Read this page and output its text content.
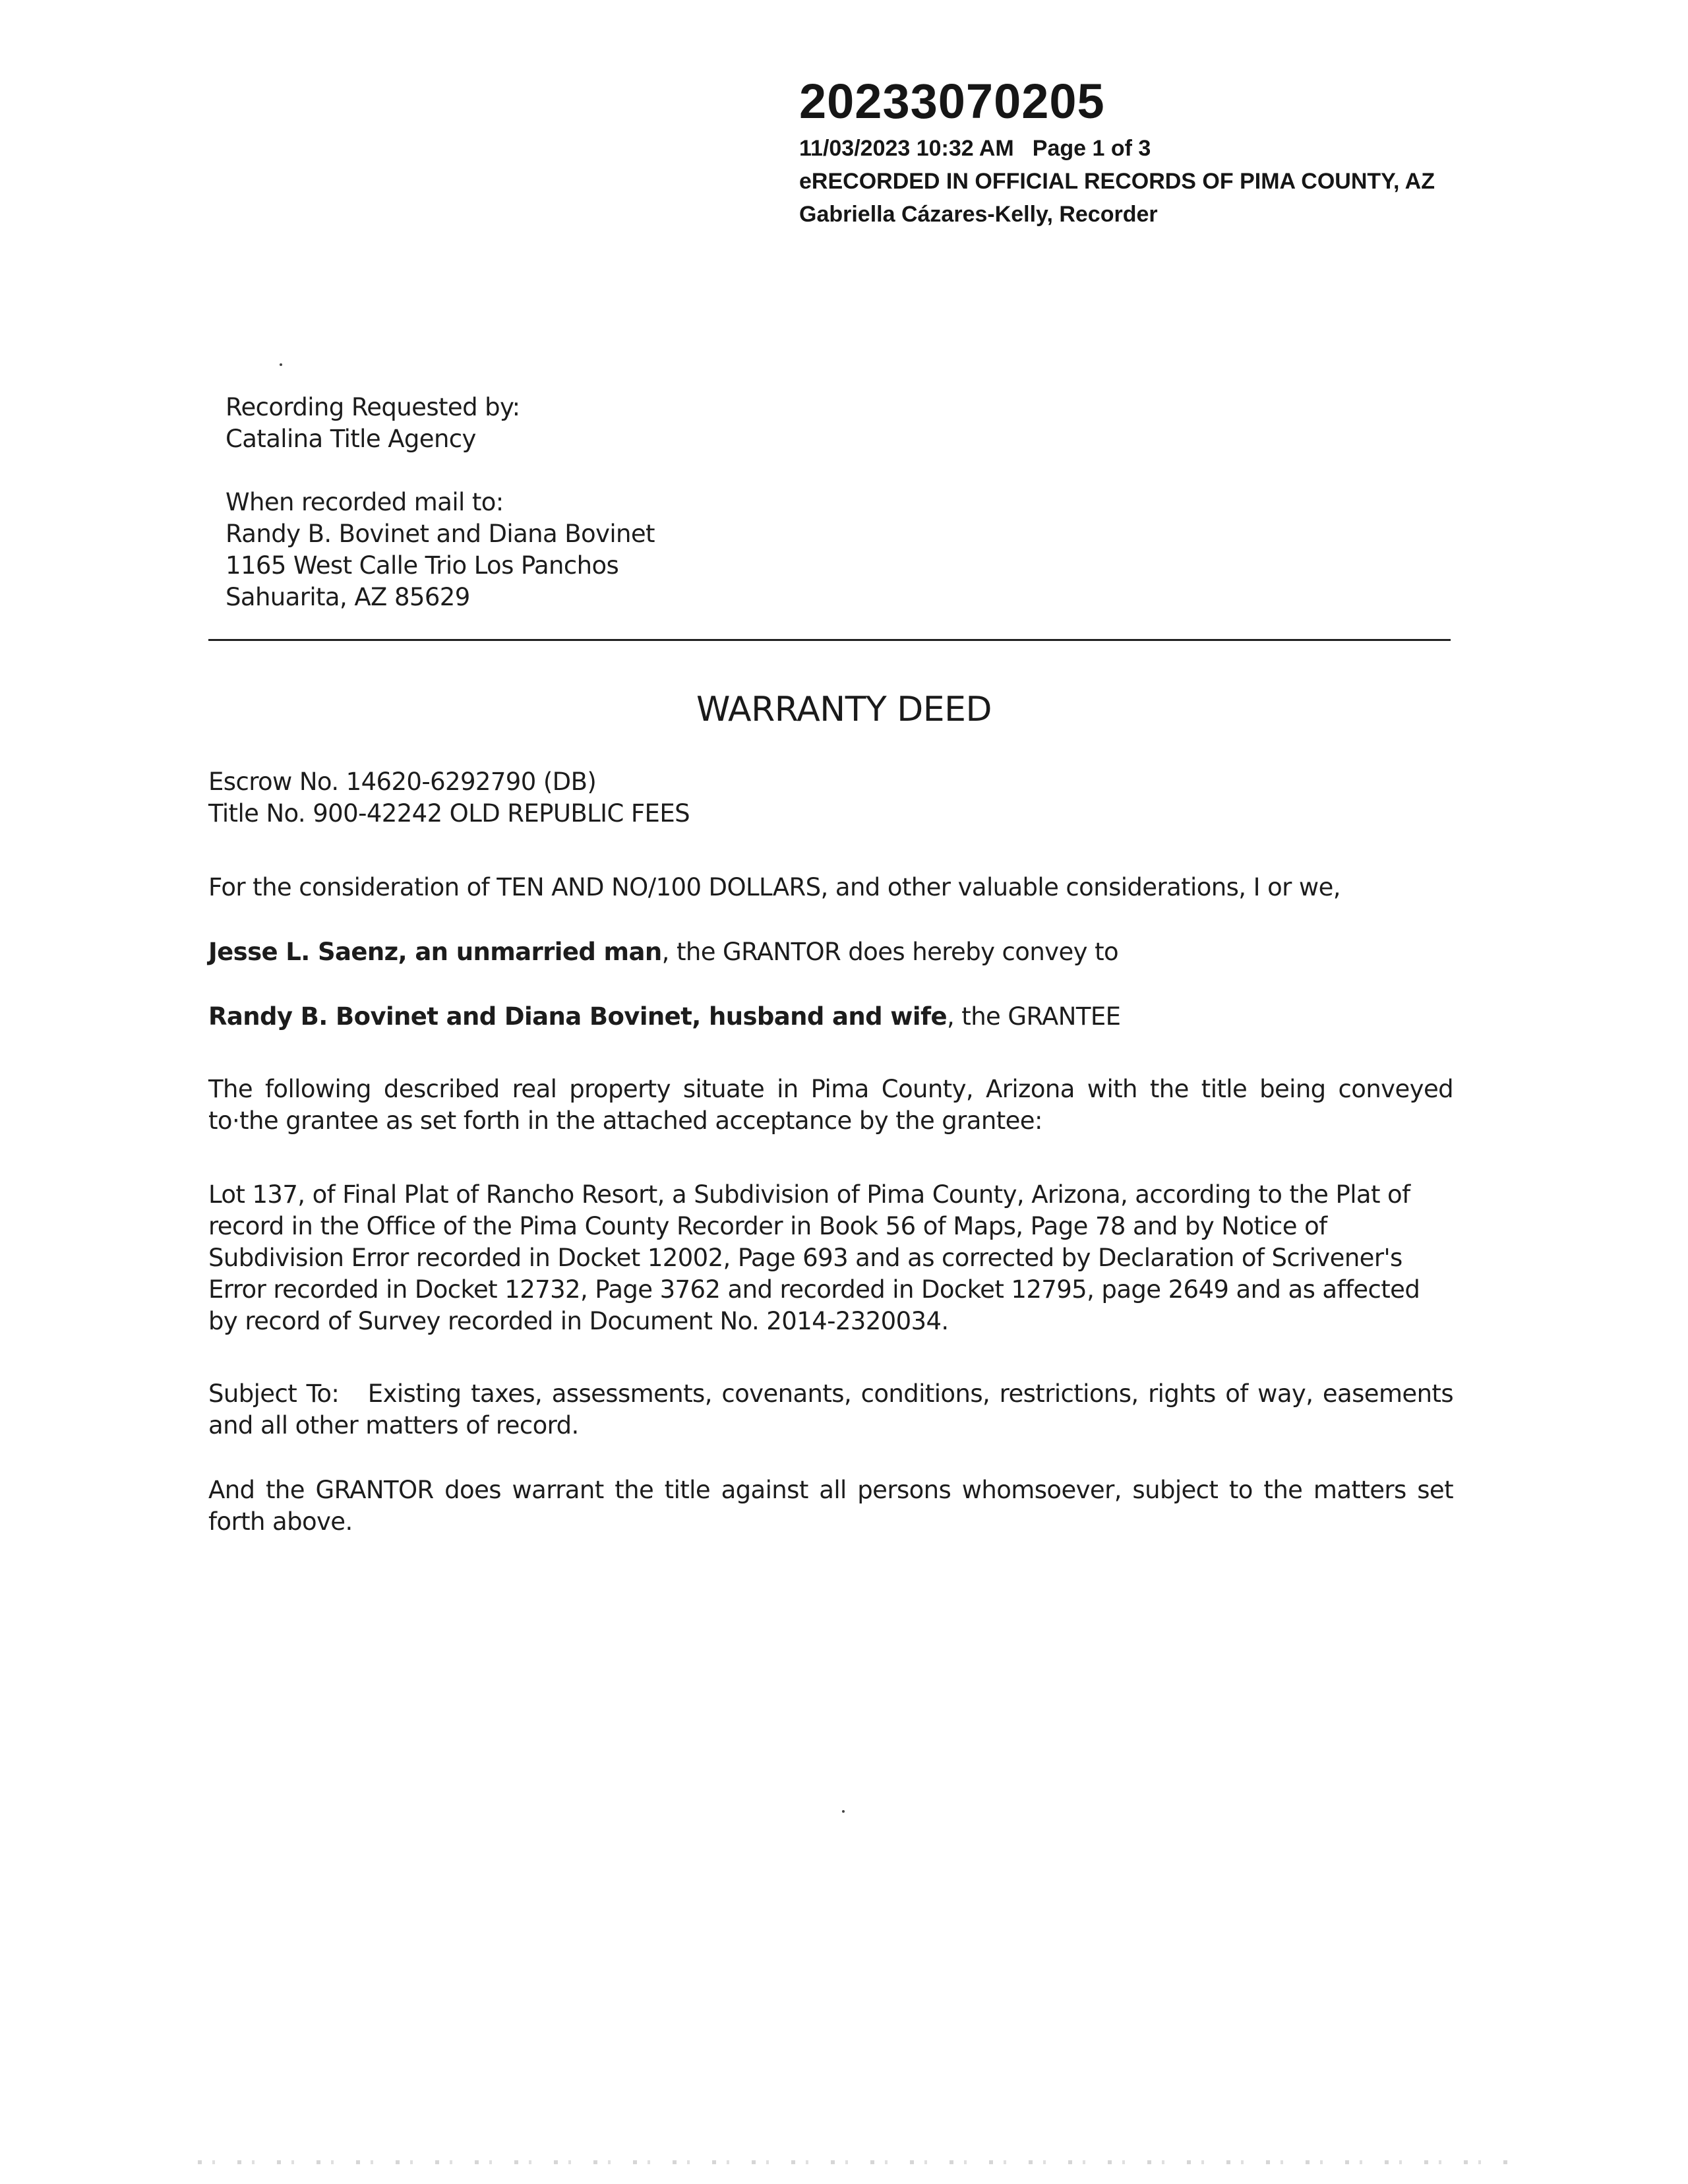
20233070205
11/03/2023 10:32 AM Page 1 of 3
eRECORDED IN OFFICIAL RECORDS OF PIMA COUNTY, AZ
Gabriella Cázares-Kelly, Recorder
Recording Requested by:
Catalina Title Agency
When recorded mail to:
Randy B. Bovinet and Diana Bovinet
1165 West Calle Trio Los Panchos
Sahuarita, AZ 85629
WARRANTY DEED
Escrow No. 14620-6292790 (DB)
Title No. 900-42242 OLD REPUBLIC FEES

For the consideration of TEN AND NO/100 DOLLARS, and other valuable considerations, I or we,

Jesse L. Saenz, an unmarried man, the GRANTOR does hereby convey to

Randy B. Bovinet and Diana Bovinet, husband and wife, the GRANTEE

The following described real property situate in Pima County, Arizona with the title being conveyed to·the grantee as set forth in the attached acceptance by the grantee:

Lot 137, of Final Plat of Rancho Resort, a Subdivision of Pima County, Arizona, according to the Plat of record in the Office of the Pima County Recorder in Book 56 of Maps, Page 78 and by Notice of Subdivision Error recorded in Docket 12002, Page 693 and as corrected by Declaration of Scrivener's Error recorded in Docket 12732, Page 3762 and recorded in Docket 12795, page 2649 and as affected by record of Survey recorded in Document No. 2014-2320034.

Subject To: Existing taxes, assessments, covenants, conditions, restrictions, rights of way, easements and all other matters of record.

And the GRANTOR does warrant the title against all persons whomsoever, subject to the matters set forth above.
